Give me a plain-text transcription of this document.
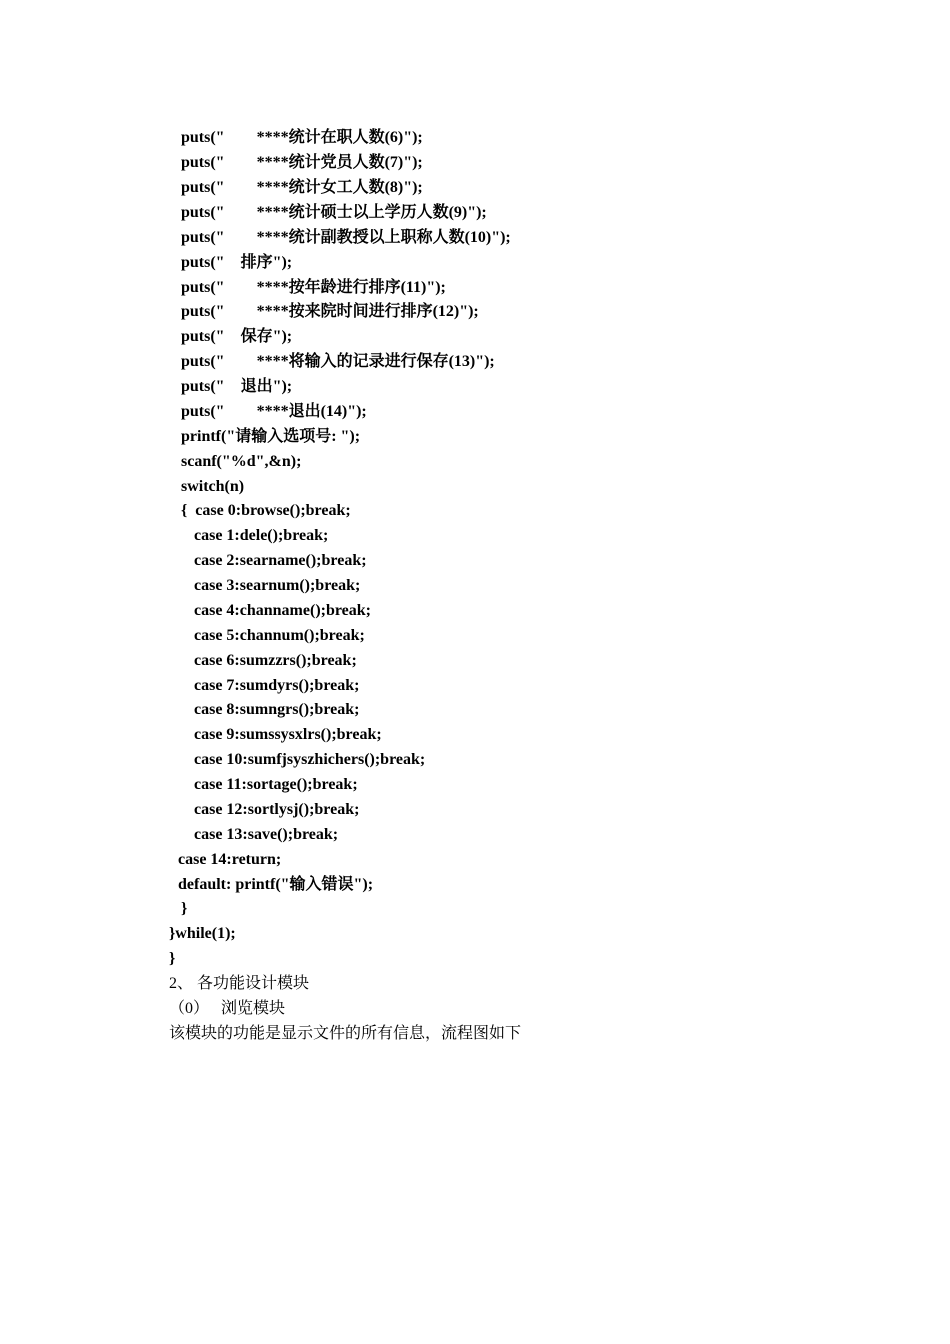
puts("        ****统计在职人数(6)");
puts("        ****统计党员人数(7)");
puts("        ****统计女工人数(8)");
puts("        ****统计硕士以上学历人数(9)");
puts("        ****统计副教授以上职称人数(10)");
puts("    排序");
puts("        ****按年龄进行排序(11)");
puts("        ****按来院时间进行排序(12)");
puts("    保存");
puts("        ****将输入的记录进行保存(13)");
puts("    退出");
puts("        ****退出(14)");
printf("请输入选项号: ");
scanf("%d",&n);
switch(n)
{  case 0:browse();break;
case 1:dele();break;
case 2:searname();break;
case 3:searnum();break;
case 4:channame();break;
case 5:channum();break;
case 6:sumzzrs();break;
case 7:sumdyrs();break;
case 8:sumngrs();break;
case 9:sumssysxlrs();break;
case 10:sumfjsyszhichers();break;
case 11:sortage();break;
case 12:sortlysj();break;
case 13:save();break;
case 14:return;
default: printf("输入错误");
}
}while(1);
}
2、 各功能设计模块
（0）   浏览模块
该模块的功能是显示文件的所有信息，流程图如下
